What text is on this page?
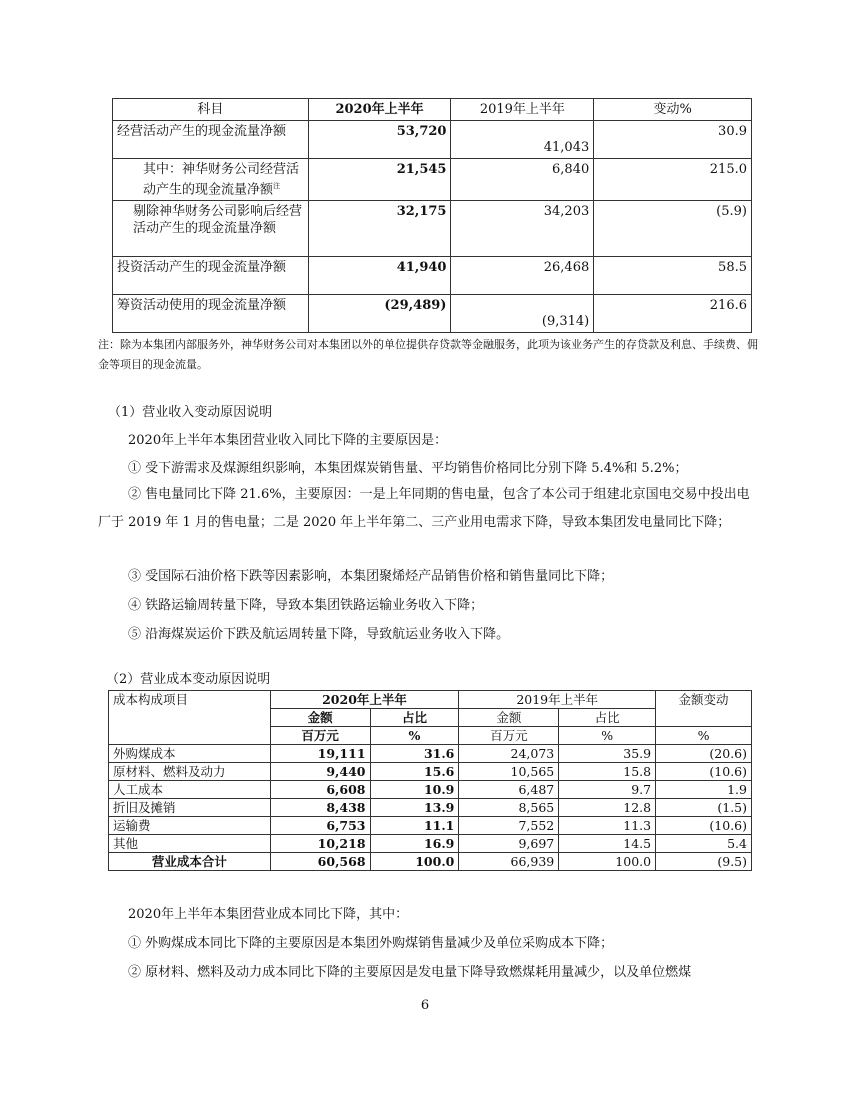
科目	2020年上半年	2019年上半年	变动%
经营活动产生的现金流量净额	53,720	41,043	30.9
其中：神华财务公司经营活动产生的现金流量净额$^注$	21,545	6,840	215.0
剔除神华财务公司影响后经营活动产生的现金流量净额	32,175	34,203	(5.9)
投资活动产生的现金流量净额	41,940	26,468	58.5
筹资活动使用的现金流量净额	(29,489)	(9,314)	216.6
注：除为本集团内部服务外，神华财务公司对本集团以外的单位提供存贷款等金融服务，此项为该业务产生的存贷款及利息、手续费、佣金等项目的现金流量。
（1）营业收入变动原因说明
2020年上半年本集团营业收入同比下降的主要原因是：
① 受下游需求及煤源组织影响，本集团煤炭销售量、平均销售价格同比分别下降 5.4%和 5.2%；
② 售电量同比下降 21.6%，主要原因：一是上年同期的售电量，包含了本公司于组建北京国电交易中投出电厂于 2019 年 1 月的售电量；二是 2020 年上半年第二、三产业用电需求下降，导致本集团发电量同比下降；
③ 受国际石油价格下跌等因素影响，本集团聚烯烃产品销售价格和销售量同比下降；
④ 铁路运输周转量下降，导致本集团铁路运输业务收入下降；
⑤ 沿海煤炭运价下跌及航运周转量下降，导致航运业务收入下降。
（2）营业成本变动原因说明
成本构成项目	2020年上半年		2019年上半年		金额变动
	金额	占比	金额	占比	
	百万元	%	百万元	%	%
外购煤成本	19,111	31.6	24,073	35.9	(20.6)
原材料、燃料及动力	9,440	15.6	10,565	15.8	(10.6)
人工成本	6,608	10.9	6,487	9.7	1.9
折旧及摊销	8,438	13.9	8,565	12.8	(1.5)
运输费	6,753	11.1	7,552	11.3	(10.6)
其他	10,218	16.9	9,697	14.5	5.4
营业成本合计	60,568	100.0	66,939	100.0	(9.5)
2020年上半年本集团营业成本同比下降，其中：
① 外购煤成本同比下降的主要原因是本集团外购煤销售量减少及单位采购成本下降；
② 原材料、燃料及动力成本同比下降的主要原因是发电量下降导致燃煤耗用量减少，以及单位燃煤
6
